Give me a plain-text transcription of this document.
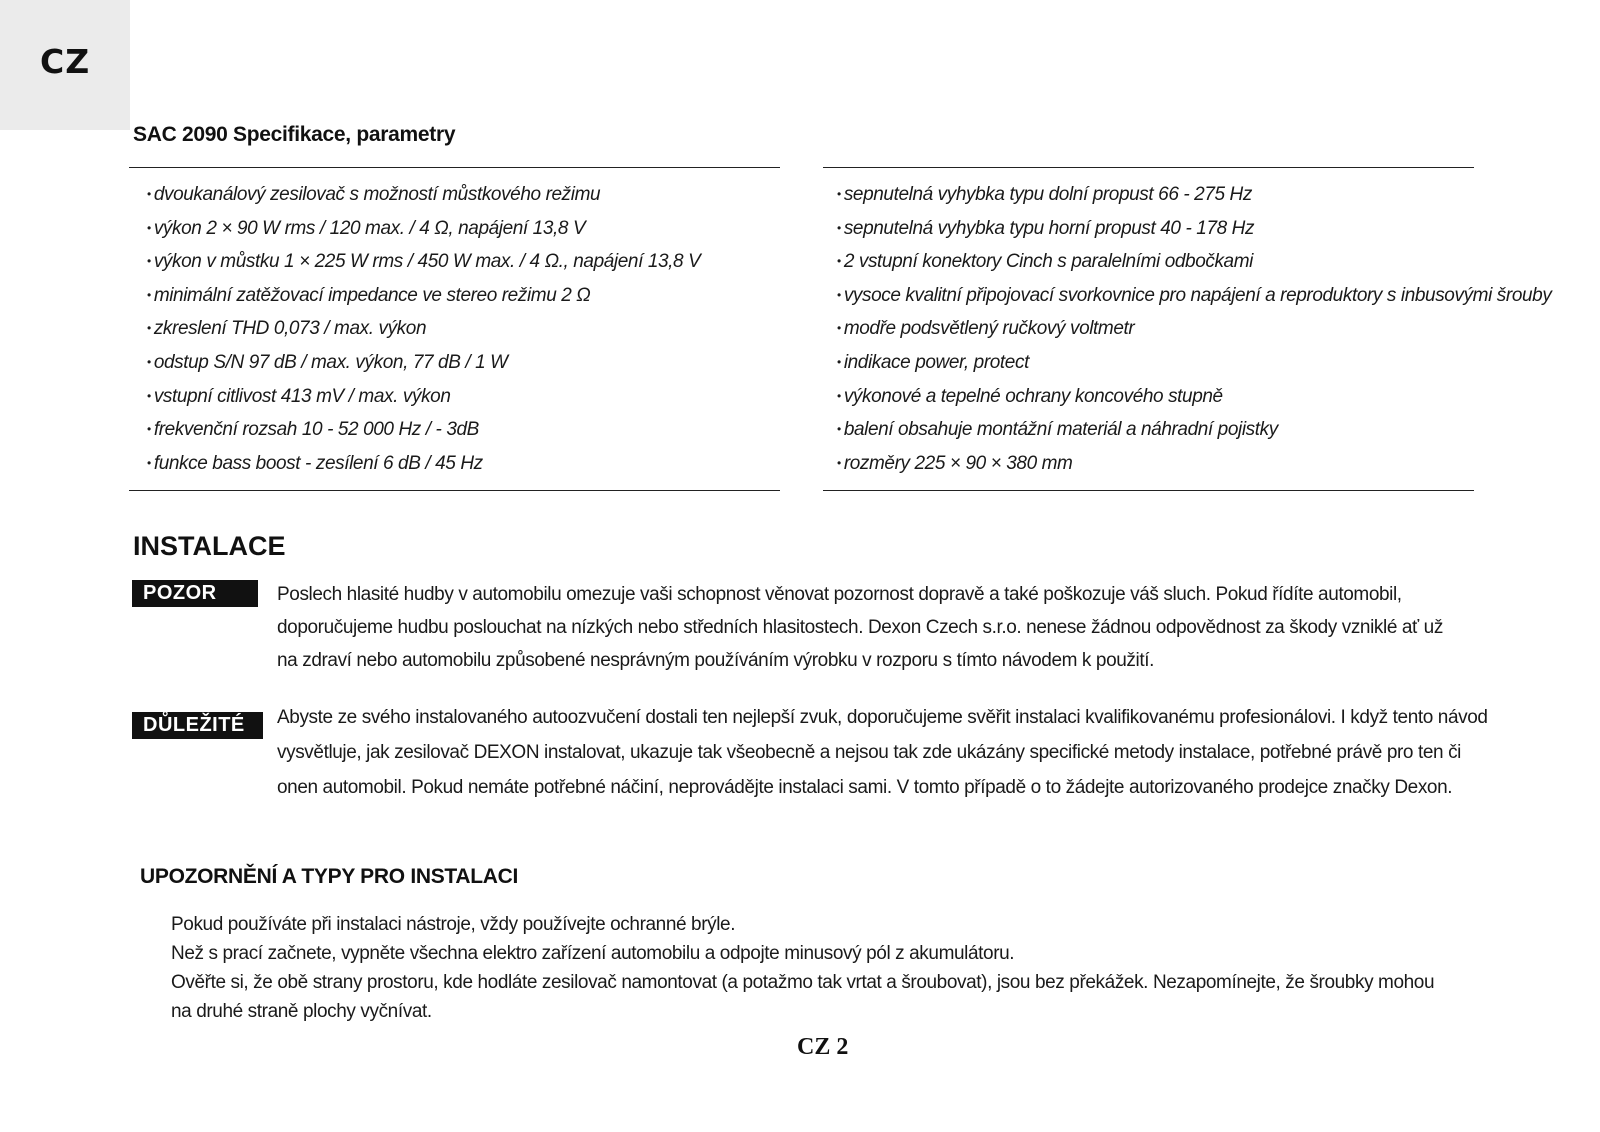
CZ
SAC 2090 Specifikace, parametry
• dvoukanálový zesilovač s možností můstkového režimu
• výkon 2 × 90 W rms / 120 max. / 4 Ω, napájení 13,8 V
• výkon v můstku 1 × 225 W rms / 450 W max. / 4 Ω., napájení 13,8 V
• minimální zatěžovací impedance ve stereo režimu 2 Ω
• zkreslení THD 0,073 / max. výkon
• odstup S/N 97 dB / max. výkon, 77 dB / 1 W
• vstupní citlivost 413 mV / max. výkon
• frekvenční rozsah 10 - 52 000 Hz / - 3dB
• funkce bass boost - zesílení 6 dB / 45 Hz
• sepnutelná vyhybka typu dolní propust 66 - 275 Hz
• sepnutelná vyhybka typu horní propust 40 - 178 Hz
• 2 vstupní konektory Cinch s paralelními odbočkami
• vysoce kvalitní připojovací svorkovnice pro napájení a reproduktory s inbusovými šrouby
• modře podsvětlený ručkový voltmetr
• indikace power, protect
• výkonové a tepelné ochrany koncového stupně
• balení obsahuje montážní materiál a náhradní pojistky
• rozměry 225 × 90 × 380 mm
INSTALACE
POZOR	Poslech hlasité hudby v automobilu omezuje vaši schopnost věnovat pozornost dopravě a také poškozuje váš sluch. Pokud řídíte automobil,

doporučujeme hudbu poslouchat na nízkých nebo středních hlasitostech. Dexon Czech s.r.o. nenese žádnou odpovědnost za škody vzniklé ať už

na zdraví nebo automobilu způsobené nesprávným používáním výrobku v rozporu s tímto návodem k použití.

DŮLEŽITÉ	Abyste ze svého instalovaného autoozvučení dostali ten nejlepší zvuk, doporučujeme svěřit instalaci kvalifikovanému profesionálovi. I když tento návod

vysvětluje, jak zesilovač DEXON instalovat, ukazuje tak všeobecně a nejsou tak zde ukázány specifické metody instalace, potřebné právě pro ten či

onen automobil. Pokud nemáte potřebné náčiní, neprovádějte instalaci sami. V tomto případě o to žádejte autorizovaného prodejce značky Dexon.

UPOZORNĚNÍ A TYPY PRO INSTALACI

Pokud používáte při instalaci nástroje, vždy používejte ochranné brýle.

Než s prací začnete, vypněte všechna elektro zařízení automobilu a odpojte minusový pól z akumulátoru.

Ověřte si, že obě strany prostoru, kde hodláte zesilovač namontovat (a potažmo tak vrtat a šroubovat), jsou bez překážek. Nezapomínejte, že šroubky mohou

na druhé straně plochy vyčnívat.

CZ 2
